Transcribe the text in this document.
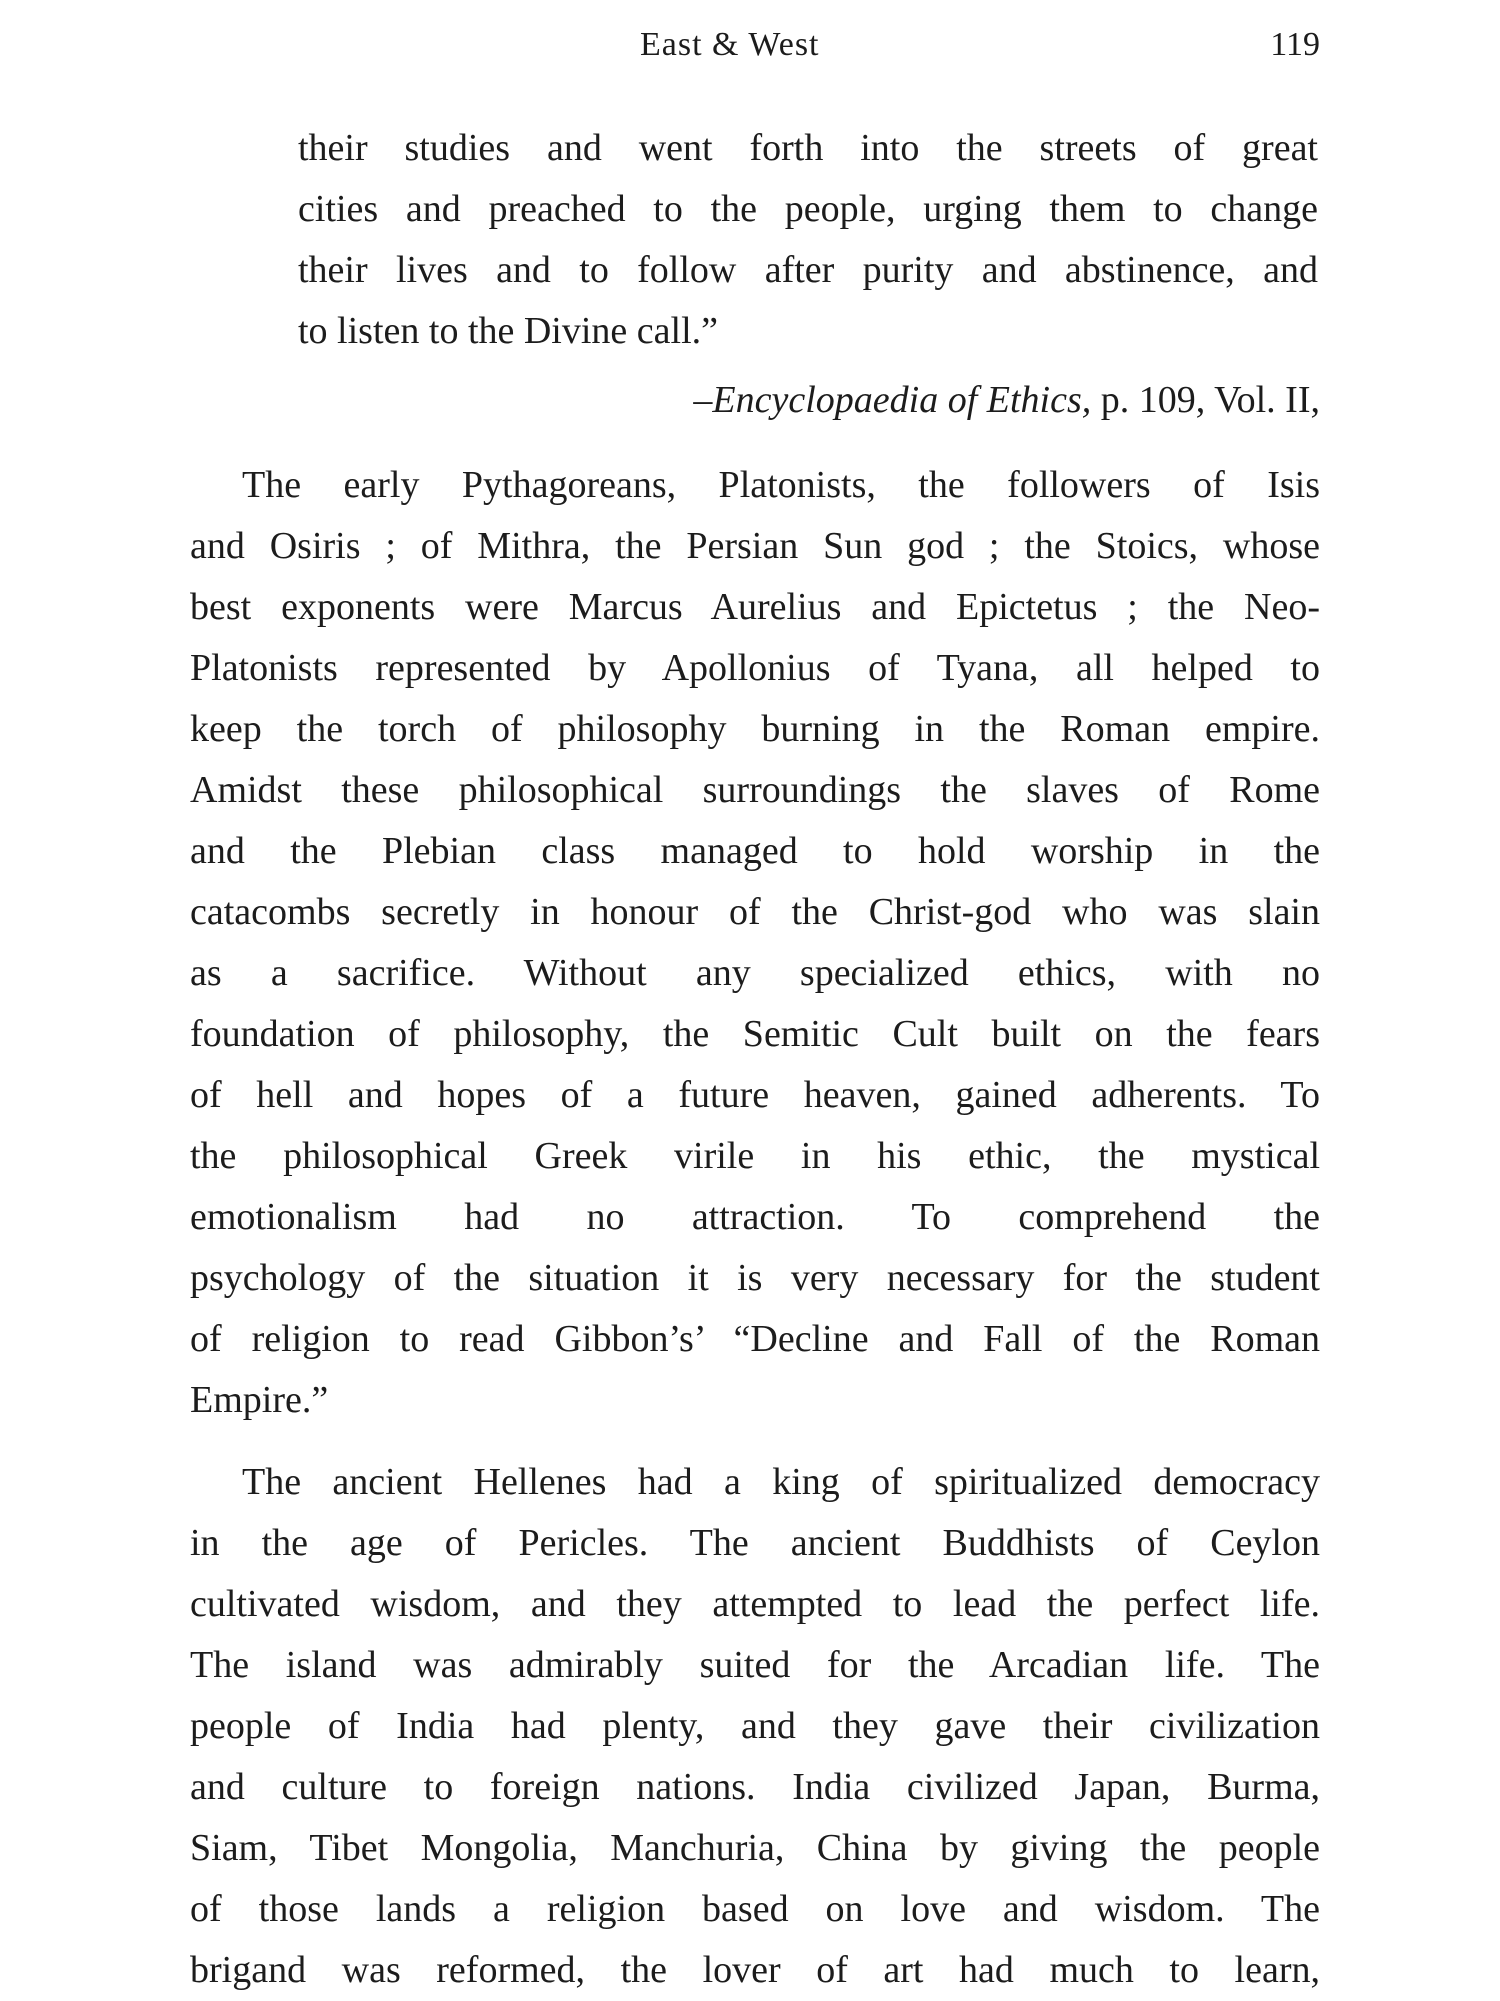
East & West	119
their studies and went forth into the streets of great
cities and preached to the people, urging them to change
their lives and to follow after purity and abstinence, and
to listen to the Divine call.”
–Encyclopaedia of Ethics, p. 109, Vol. II,
The early Pythagoreans, Platonists, the followers of Isis
and Osiris ; of Mithra, the Persian Sun god ; the Stoics, whose
best exponents were Marcus Aurelius and Epictetus ; the Neo-
Platonists represented by Apollonius of Tyana, all helped to
keep the torch of philosophy burning in the Roman empire.
Amidst these philosophical surroundings the slaves of Rome
and the Plebian class managed to hold worship in the
catacombs secretly in honour of the Christ-god who was slain
as a sacrifice. Without any specialized ethics, with no
foundation of philosophy, the Semitic Cult built on the fears
of hell and hopes of a future heaven, gained adherents. To
the philosophical Greek virile in his ethic, the mystical
emotionalism had no attraction. To comprehend the
psychology of the situation it is very necessary for the student
of religion to read Gibbon’s’ “Decline and Fall of the Roman
Empire.”
The ancient Hellenes had a king of spiritualized democracy
in the age of Pericles. The ancient Buddhists of Ceylon
cultivated wisdom, and they attempted to lead the perfect life.
The island was admirably suited for the Arcadian life. The
people of India had plenty, and they gave their civilization
and culture to foreign nations. India civilized Japan, Burma,
Siam, Tibet Mongolia, Manchuria, China by giving the people
of those lands a religion based on love and wisdom. The
brigand was reformed, the lover of art had much to learn,
